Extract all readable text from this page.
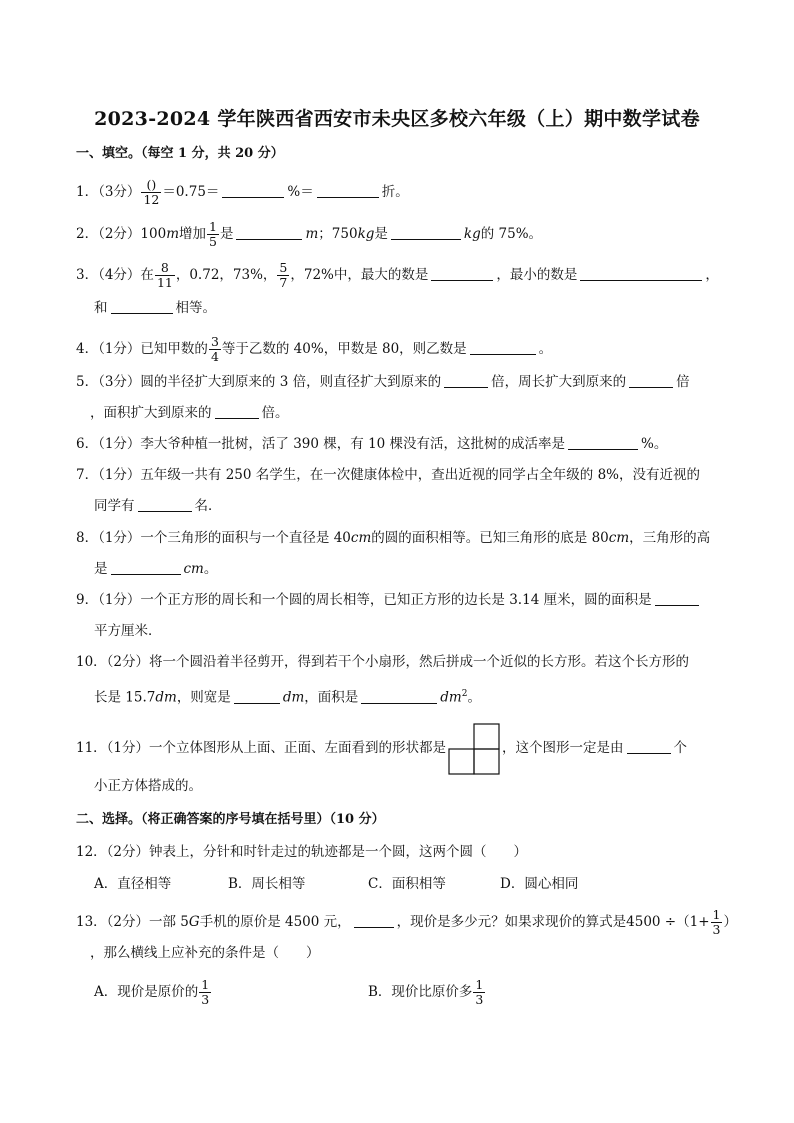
2023-2024 学年陕西省西安市未央区多校六年级（上）期中数学试卷
一、填空。（每空 1 分，共 20 分）
1．（3分） $\frac{()}{12} =0.75=$	%＝	折。
2．（2分）100m增加 $\frac{1}{5}$ 是	m；750kg是	kg的 75%。
3．（4分）在 $\frac{8}{11}$ ，0.72，73%， $\frac{5}{7}$ ，72%中，最大的数是	，最小的数是	，
和	相等。
4．（1分）已知甲数的 $\frac{3}{4}$ 等于乙数的 40%，甲数是 80，则乙数是	。
5．（3分）圆的半径扩大到原来的 3 倍，则直径扩大到原来的	倍，周长扩大到原来的	倍
，面积扩大到原来的	倍。
6．（1分）李大爷种植一批树，活了 390 棵，有 10 棵没有活，这批树的成活率是	%。
7．（1分）五年级一共有 250 名学生，在一次健康体检中，查出近视的同学占全年级的 8%，没有近视的
同学有	名．
8．（1分）一个三角形的面积与一个直径是 40cm的圆的面积相等。已知三角形的底是 80cm，三角形的高
是	cm。
9．（1分）一个正方形的周长和一个圆的周长相等，已知正方形的边长是 3.14 厘米，圆的面积是
平方厘米．
10．（2分）将一个圆沿着半径剪开，得到若干个小扇形，然后拼成一个近似的长方形。若这个长方形的
长是 15.7dm，则宽是	dm，面积是	$dm^2$。
11．（1分）一个立体图形从上面、正面、左面看到的形状都是	，这个图形一定是由	个
小正方体搭成的。
二、选择。（将正确答案的序号填在括号里）（10 分）
12．（2分）钟表上，分针和时针走过的轨迹都是一个圆，这两个圆（　　）
A．直径相等	B．周长相等	C．面积相等	D．圆心相同
13．（2分）一部 5G手机的原价是 4500 元，	，现价是多少元？如果求现价的算式是$4500 \div(1+ \frac{1}{3}$ ）
，那么横线上应补充的条件是（　　）
A．现价是原价的 $\frac{1}{3}$	B．现价比原价多 $\frac{1}{3}$
